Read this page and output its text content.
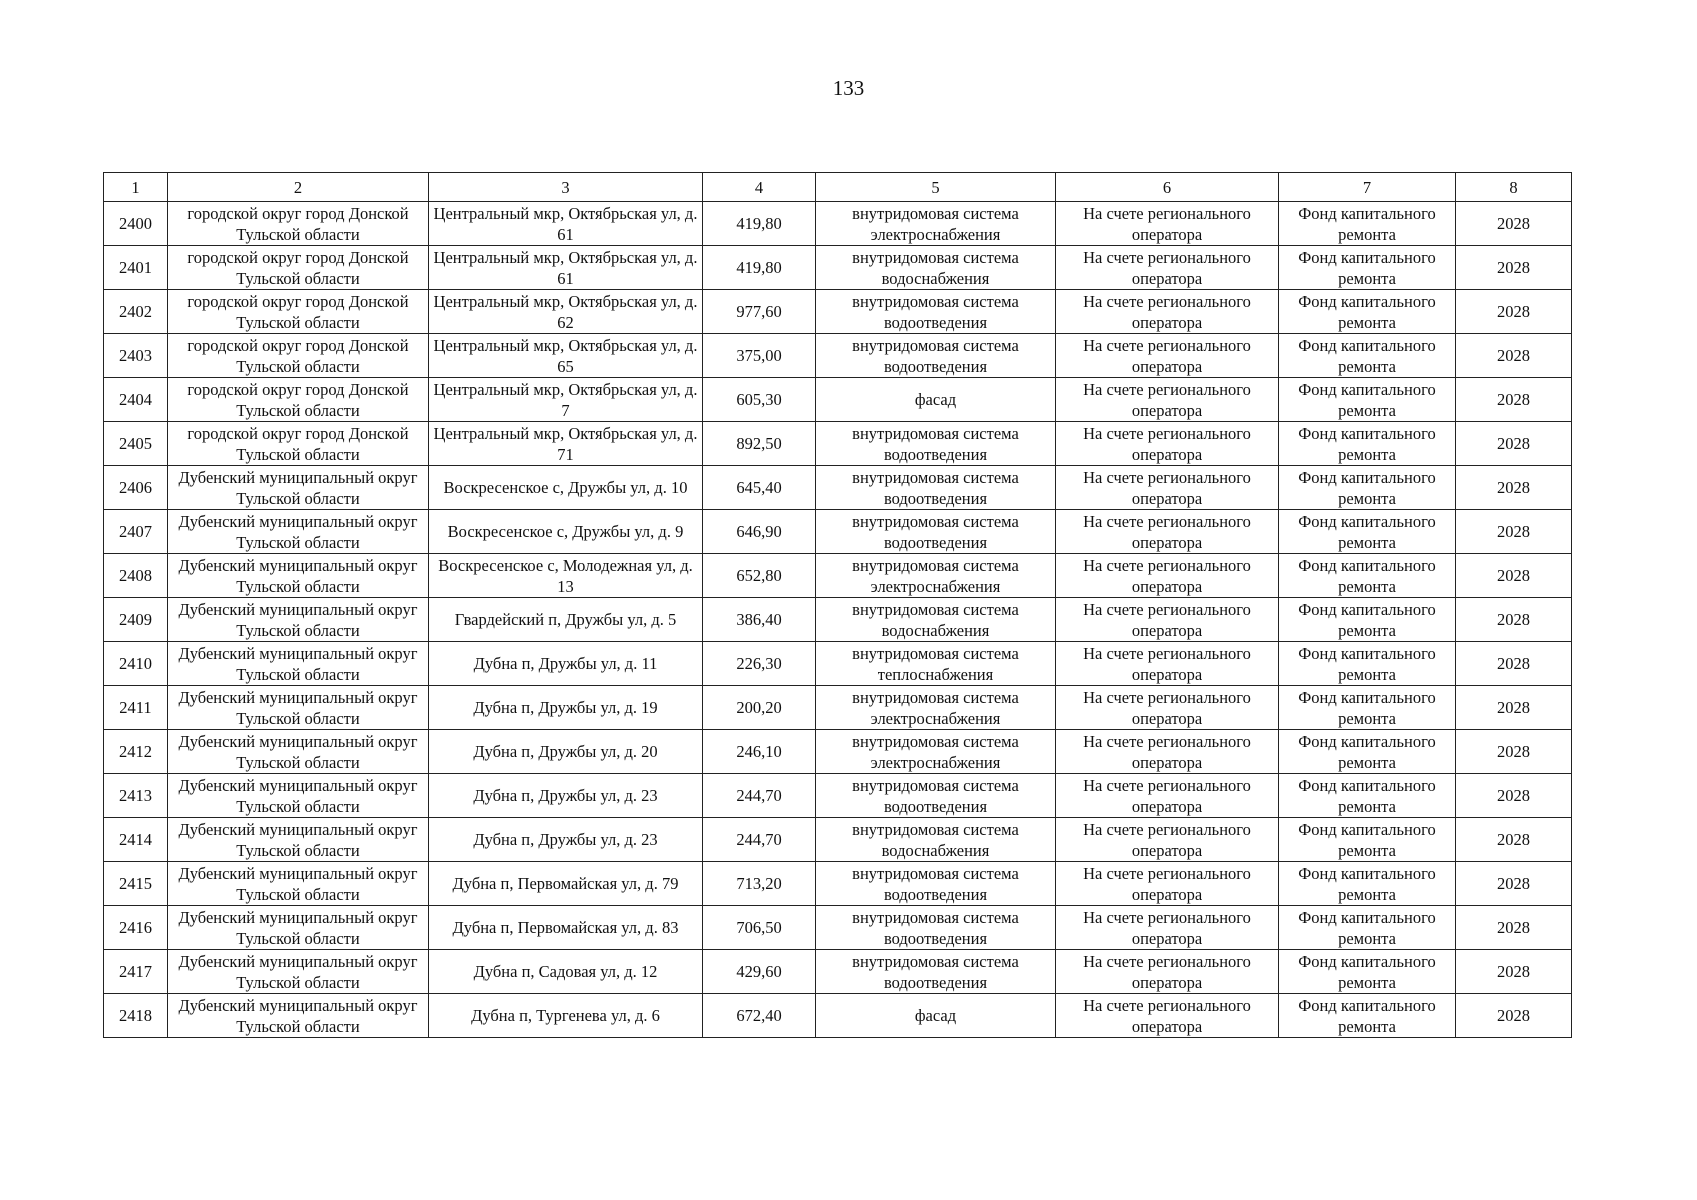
133
1	2	3	4	5	6	7	8
2400	городской округ город Донской Тульской области	Центральный мкр, Октябрьская ул, д. 61	419,80	внутридомовая система электроснабжения	На счете регионального оператора	Фонд капитального ремонта	2028
2401	городской округ город Донской Тульской области	Центральный мкр, Октябрьская ул, д. 61	419,80	внутридомовая система водоснабжения	На счете регионального оператора	Фонд капитального ремонта	2028
2402	городской округ город Донской Тульской области	Центральный мкр, Октябрьская ул, д. 62	977,60	внутридомовая система водоотведения	На счете регионального оператора	Фонд капитального ремонта	2028
2403	городской округ город Донской Тульской области	Центральный мкр, Октябрьская ул, д. 65	375,00	внутридомовая система водоотведения	На счете регионального оператора	Фонд капитального ремонта	2028
2404	городской округ город Донской Тульской области	Центральный мкр, Октябрьская ул, д. 7	605,30	фасад	На счете регионального оператора	Фонд капитального ремонта	2028
2405	городской округ город Донской Тульской области	Центральный мкр, Октябрьская ул, д. 71	892,50	внутридомовая система водоотведения	На счете регионального оператора	Фонд капитального ремонта	2028
2406	Дубенский муниципальный округ Тульской области	Воскресенское с, Дружбы ул, д. 10	645,40	внутридомовая система водоотведения	На счете регионального оператора	Фонд капитального ремонта	2028
2407	Дубенский муниципальный округ Тульской области	Воскресенское с, Дружбы ул, д. 9	646,90	внутридомовая система водоотведения	На счете регионального оператора	Фонд капитального ремонта	2028
2408	Дубенский муниципальный округ Тульской области	Воскресенское с, Молодежная ул, д. 13	652,80	внутридомовая система электроснабжения	На счете регионального оператора	Фонд капитального ремонта	2028
2409	Дубенский муниципальный округ Тульской области	Гвардейский п, Дружбы ул, д. 5	386,40	внутридомовая система водоснабжения	На счете регионального оператора	Фонд капитального ремонта	2028
2410	Дубенский муниципальный округ Тульской области	Дубна п, Дружбы ул, д. 11	226,30	внутридомовая система теплоснабжения	На счете регионального оператора	Фонд капитального ремонта	2028
2411	Дубенский муниципальный округ Тульской области	Дубна п, Дружбы ул, д. 19	200,20	внутридомовая система электроснабжения	На счете регионального оператора	Фонд капитального ремонта	2028
2412	Дубенский муниципальный округ Тульской области	Дубна п, Дружбы ул, д. 20	246,10	внутридомовая система электроснабжения	На счете регионального оператора	Фонд капитального ремонта	2028
2413	Дубенский муниципальный округ Тульской области	Дубна п, Дружбы ул, д. 23	244,70	внутридомовая система водоотведения	На счете регионального оператора	Фонд капитального ремонта	2028
2414	Дубенский муниципальный округ Тульской области	Дубна п, Дружбы ул, д. 23	244,70	внутридомовая система водоснабжения	На счете регионального оператора	Фонд капитального ремонта	2028
2415	Дубенский муниципальный округ Тульской области	Дубна п, Первомайская ул, д. 79	713,20	внутридомовая система водоотведения	На счете регионального оператора	Фонд капитального ремонта	2028
2416	Дубенский муниципальный округ Тульской области	Дубна п, Первомайская ул, д. 83	706,50	внутридомовая система водоотведения	На счете регионального оператора	Фонд капитального ремонта	2028
2417	Дубенский муниципальный округ Тульской области	Дубна п, Садовая ул, д. 12	429,60	внутридомовая система водоотведения	На счете регионального оператора	Фонд капитального ремонта	2028
2418	Дубенский муниципальный округ Тульской области	Дубна п, Тургенева ул, д. 6	672,40	фасад	На счете регионального оператора	Фонд капитального ремонта	2028
